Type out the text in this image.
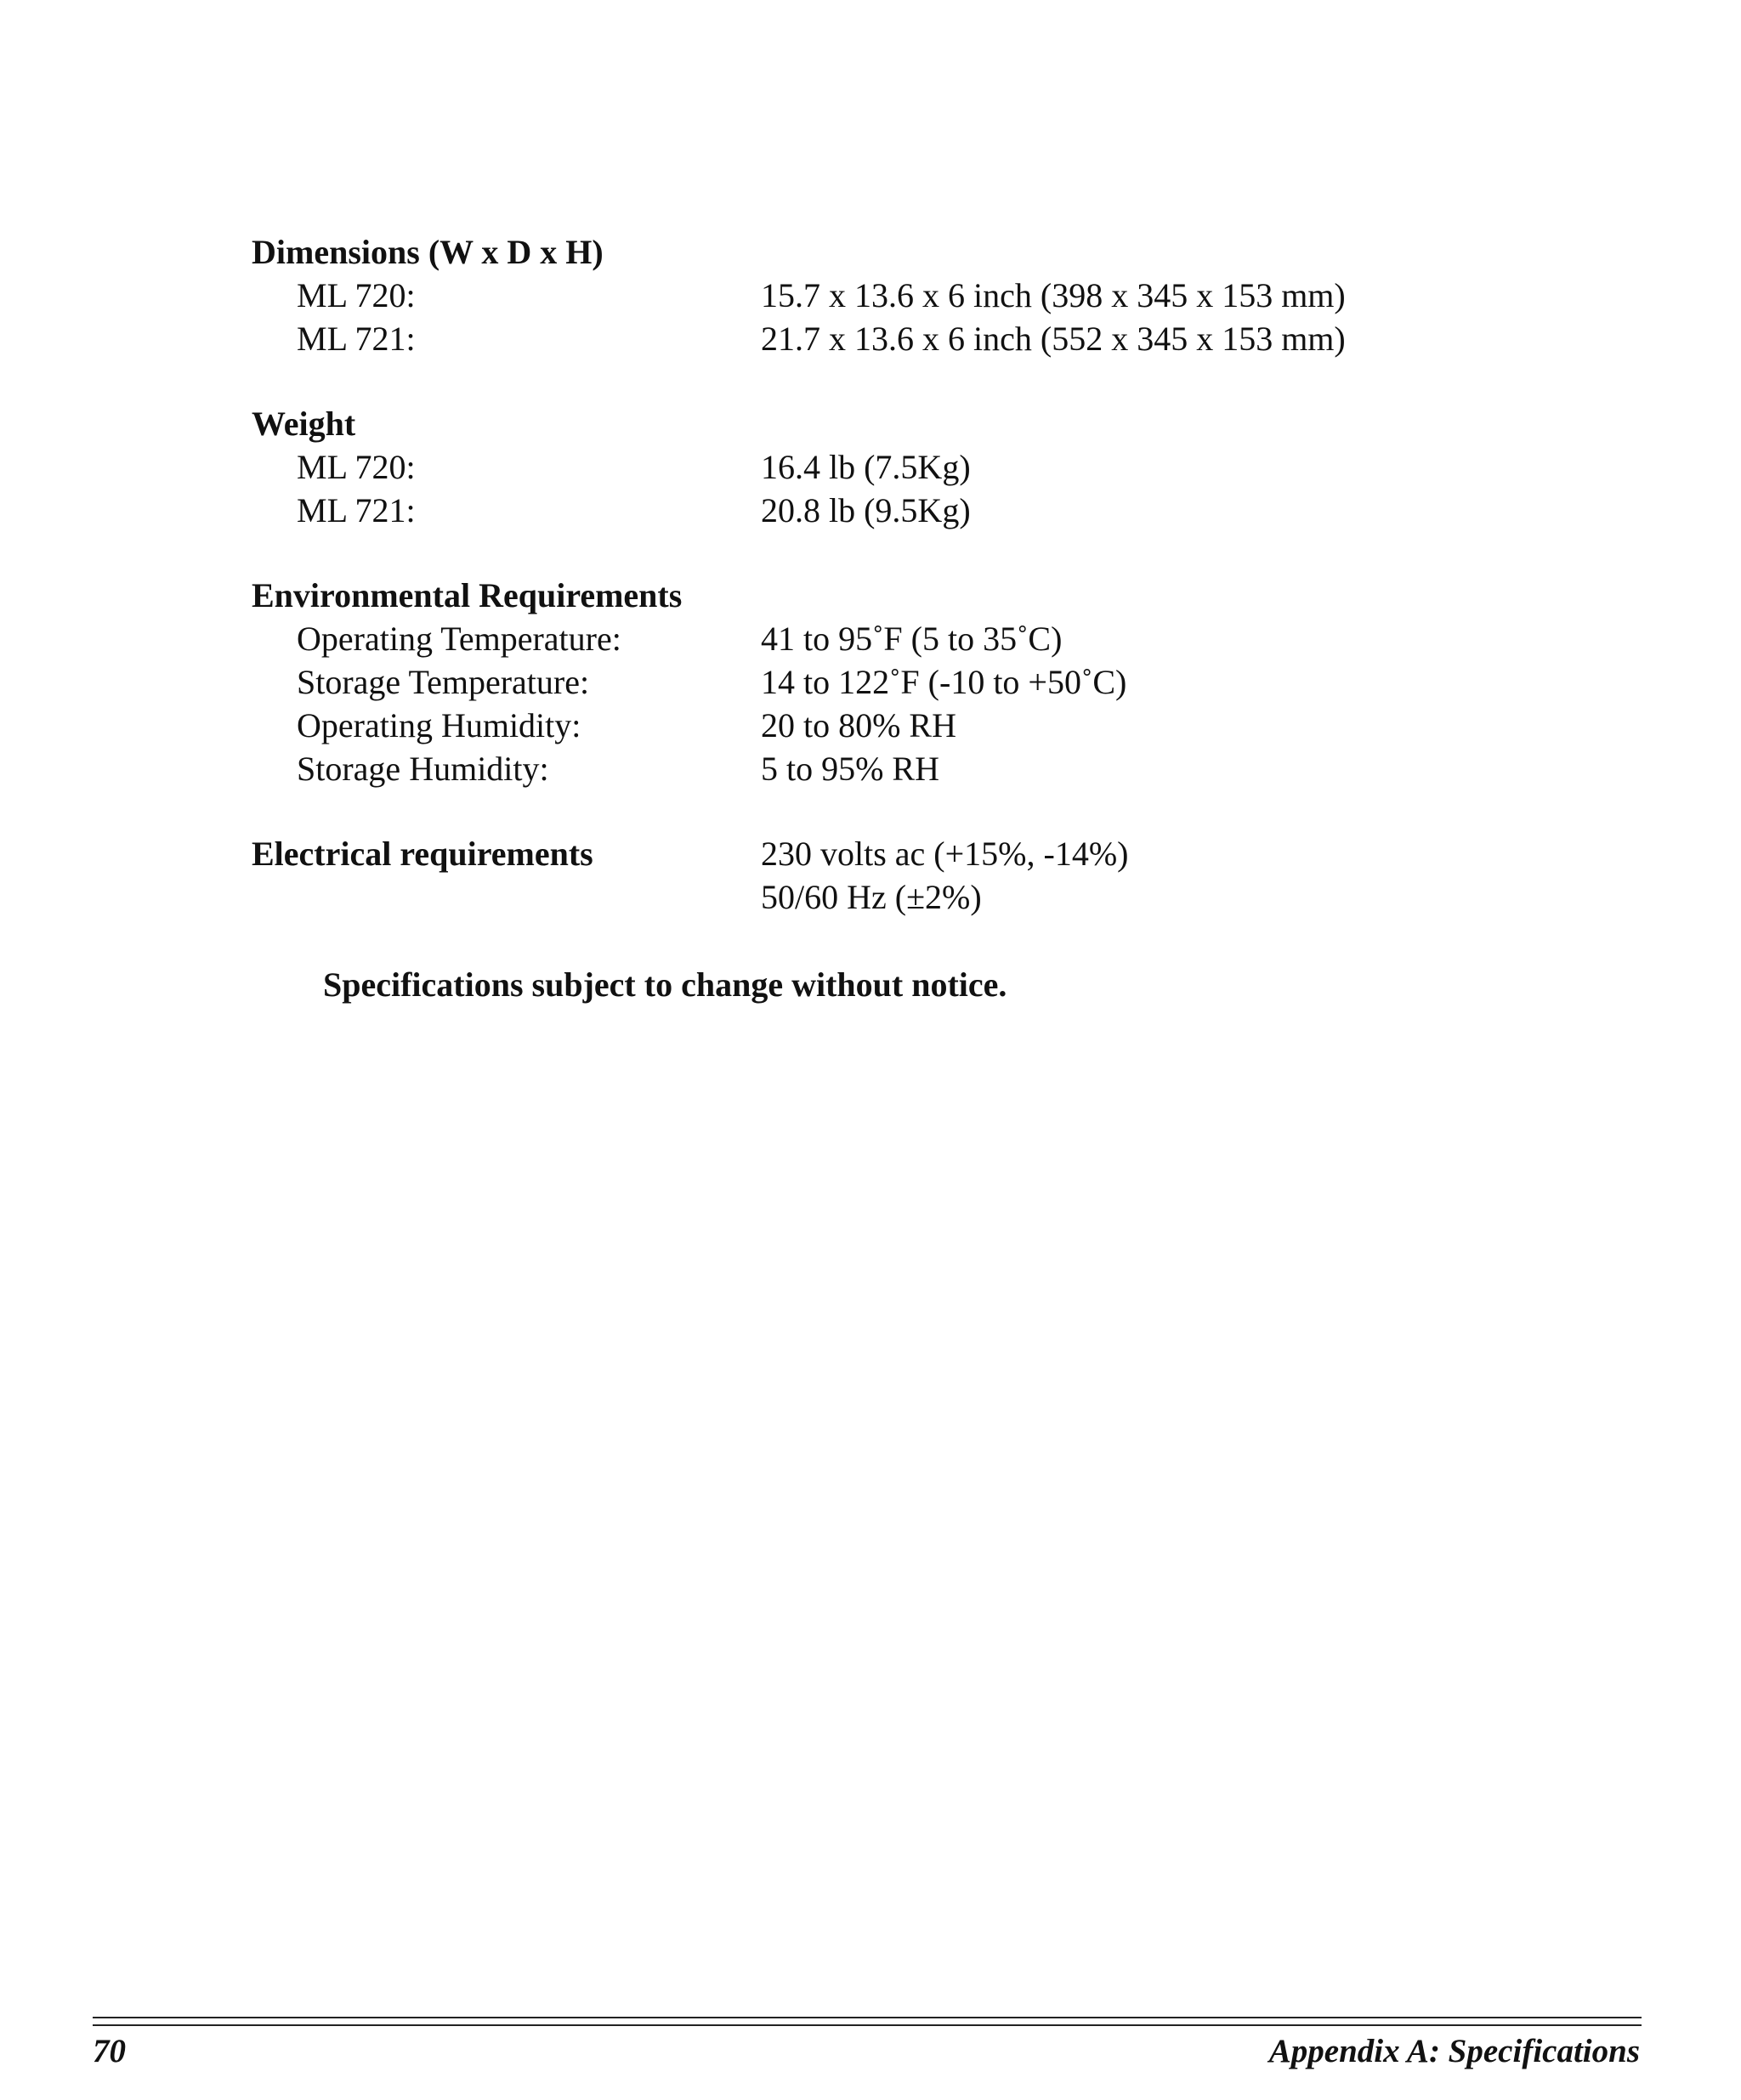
Dimensions (W x D x H)
ML 720:	15.7 x 13.6 x 6 inch (398 x 345 x 153 mm)
ML 721:	21.7 x 13.6 x 6 inch (552 x 345 x 153 mm)
Weight
ML 720:	16.4 lb (7.5Kg)
ML 721:	20.8 lb (9.5Kg)
Environmental Requirements
Operating Temperature:	41 to 95˚F (5 to 35˚C)
Storage Temperature:	14 to 122˚F (-10 to +50˚C)
Operating Humidity:	20 to 80% RH
Storage Humidity:	5 to 95% RH
Electrical requirements	230 volts ac (+15%, -14%)
50/60 Hz (±2%)
Specifications subject to change without notice.
70	Appendix A: Specifications
